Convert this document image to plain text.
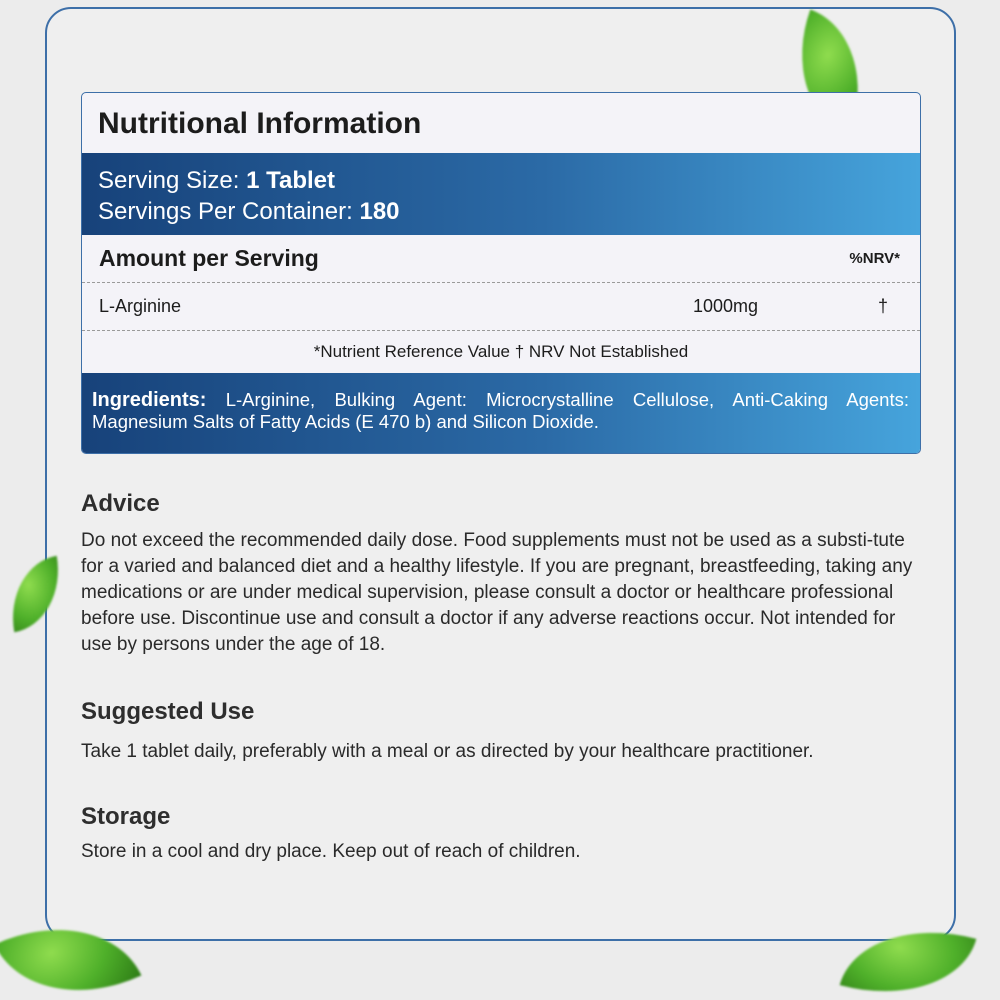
Nutritional Information
Serving Size: 1 Tablet
Servings Per Container: 180
Amount per Serving	%NRV*
L-Arginine	1000mg	†
*Nutrient Reference Value † NRV Not Established
Ingredients: L-Arginine, Bulking Agent: Microcrystalline Cellulose, Anti-Caking Agents: Magnesium Salts of Fatty Acids (E 470 b) and Silicon Dioxide.
Advice
Do not exceed the recommended daily dose. Food supplements must not be used as a substi-tute for a varied and balanced diet and a healthy lifestyle. If you are pregnant, breastfeeding, taking any medications or are under medical supervision, please consult a doctor or healthcare professional before use. Discontinue use and consult a doctor if any adverse reactions occur. Not intended for use by persons under the age of 18.
Suggested Use
Take 1 tablet daily, preferably with a meal or as directed by your healthcare practitioner.
Storage
Store in a cool and dry place. Keep out of reach of children.
